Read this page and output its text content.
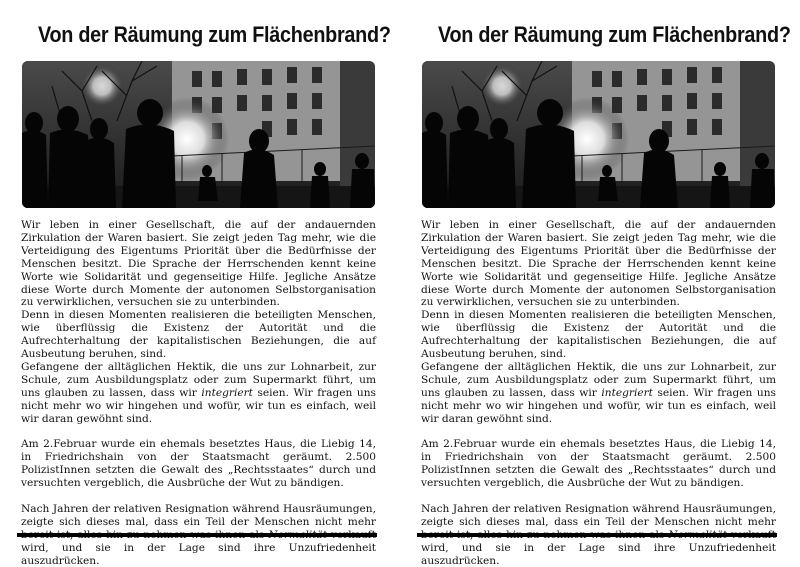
Von der Räumung zum Flächenbrand?

Wir leben in einer Gesellschaft, die auf der andauernden Zirkulation der Waren basiert. Sie zeigt jeden Tag mehr, wie die Verteidigung des Eigentums Priorität über die Bedürfnisse der Menschen besitzt. Die Sprache der Herrschenden kennt keine Worte wie Solidarität und gegenseitige Hilfe. Jegliche Ansätze diese Worte durch Momente der autonomen Selbstorganisation zu verwirklichen, versuchen sie zu unterbinden.

Denn in diesen Momenten realisieren die beteiligten Menschen, wie überflüssig die Existenz der Autorität und die Aufrechterhaltung der kapitalistischen Beziehungen, die auf Ausbeutung beruhen, sind.

Gefangene der alltäglichen Hektik, die uns zur Lohnarbeit, zur Schule, zum Ausbildungsplatz oder zum Supermarkt führt, um uns glauben zu lassen, dass wir integriert seien. Wir fragen uns nicht mehr wo wir hingehen und wofür, wir tun es einfach, weil wir daran gewöhnt sind.

Am 2.Februar wurde ein ehemals besetztes Haus, die Liebig 14, in Friedrichshain von der Staatsmacht geräumt. 2.500 PolizistInnen setzten die Gewalt des „Rechtsstaates“ durch und versuchten vergeblich, die Ausbrüche der Wut zu bändigen.

Nach Jahren der relativen Resignation während Hausräumungen, zeigte sich dieses mal, dass ein Teil der Menschen nicht mehr wird, und sie in der Lage sind ihre Unzufriedenheit auszudrücken.

Von der Räumung zum Flächenbrand?

Wir leben in einer Gesellschaft, die auf der andauernden Zirkulation der Waren basiert. Sie zeigt jeden Tag mehr, wie die Verteidigung des Eigentums Priorität über die Bedürfnisse der Menschen besitzt. Die Sprache der Herrschenden kennt keine Worte wie Solidarität und gegenseitige Hilfe. Jegliche Ansätze diese Worte durch Momente der autonomen Selbstorganisation zu verwirklichen, versuchen sie zu unterbinden.

Denn in diesen Momenten realisieren die beteiligten Menschen, wie überflüssig die Existenz der Autorität und die Aufrechterhaltung der kapitalistischen Beziehungen, die auf Ausbeutung beruhen, sind.

Gefangene der alltäglichen Hektik, die uns zur Lohnarbeit, zur Schule, zum Ausbildungsplatz oder zum Supermarkt führt, um uns glauben zu lassen, dass wir integriert seien. Wir fragen uns nicht mehr wo wir hingehen und wofür, wir tun es einfach, weil wir daran gewöhnt sind.

Am 2.Februar wurde ein ehemals besetztes Haus, die Liebig 14, in Friedrichshain von der Staatsmacht geräumt. 2.500 PolizistInnen setzten die Gewalt des „Rechtsstaates“ durch und versuchten vergeblich, die Ausbrüche der Wut zu bändigen.

Nach Jahren der relativen Resignation während Hausräumungen, zeigte sich dieses mal, dass ein Teil der Menschen nicht mehr wird, und sie in der Lage sind ihre Unzufriedenheit auszudrücken.
